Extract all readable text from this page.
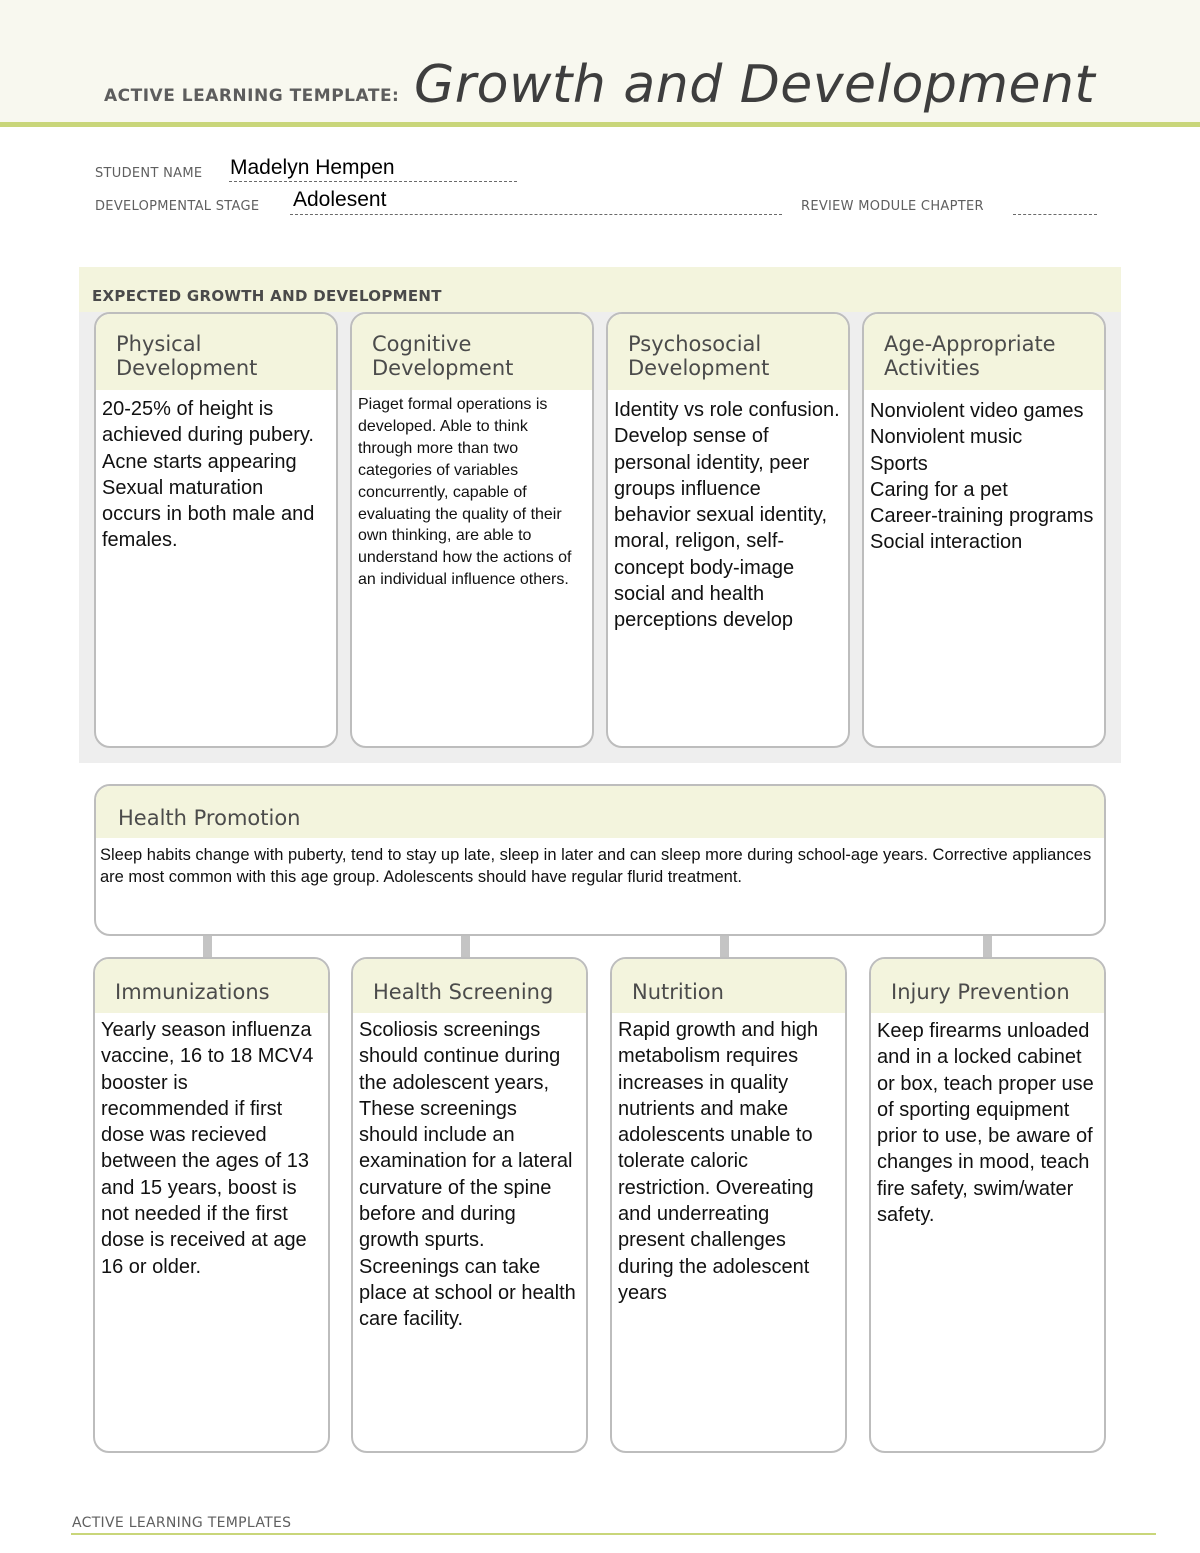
ACTIVE LEARNING TEMPLATE: Growth and Development
STUDENT NAME Madelyn Hempen
DEVELOPMENTAL STAGE Adolesent	REVIEW MODULE CHAPTER
EXPECTED GROWTH AND DEVELOPMENT
Physical
Development
20-25% of height is achieved during pubery. Acne starts appearing Sexual maturation occurs in both male and females.
Cognitive
Development
Piaget formal operations is developed. Able to think through more than two categories of variables concurrently, capable of evaluating the quality of their own thinking, are able to understand how the actions of an individual influence others.
Psychosocial
Development
Identity vs role confusion. Develop sense of personal identity, peer groups influence behavior sexual identity, moral, religon, self-concept body-image social and health perceptions develop
Age-Appropriate
Activities
Nonviolent video games
Nonviolent music
Sports
Caring for a pet
Career-training programs
Social interaction
Health Promotion
Sleep habits change with puberty, tend to stay up late, sleep in later and can sleep more during school-age years. Corrective appliances are most common with this age group. Adolescents should have regular flurid treatment.
Immunizations
Yearly season influenza vaccine, 16 to 18 MCV4 booster is recommended if first dose was recieved between the ages of 13 and 15 years, boost is not needed if the first dose is received at age 16 or older.
Health Screening
Scoliosis screenings should continue during the adolescent years, These screenings should include an examination for a lateral curvature of the spine before and during growth spurts. Screenings can take place at school or health care facility.
Nutrition
Rapid growth and high metabolism requires increases in quality nutrients and make adolescents unable to tolerate caloric restriction. Overeating and underreating present challenges during the adolescent years
Injury Prevention
Keep firearms unloaded and in a locked cabinet or box, teach proper use of sporting equipment prior to use, be aware of changes in mood, teach fire safety, swim/water safety.
ACTIVE LEARNING TEMPLATES
